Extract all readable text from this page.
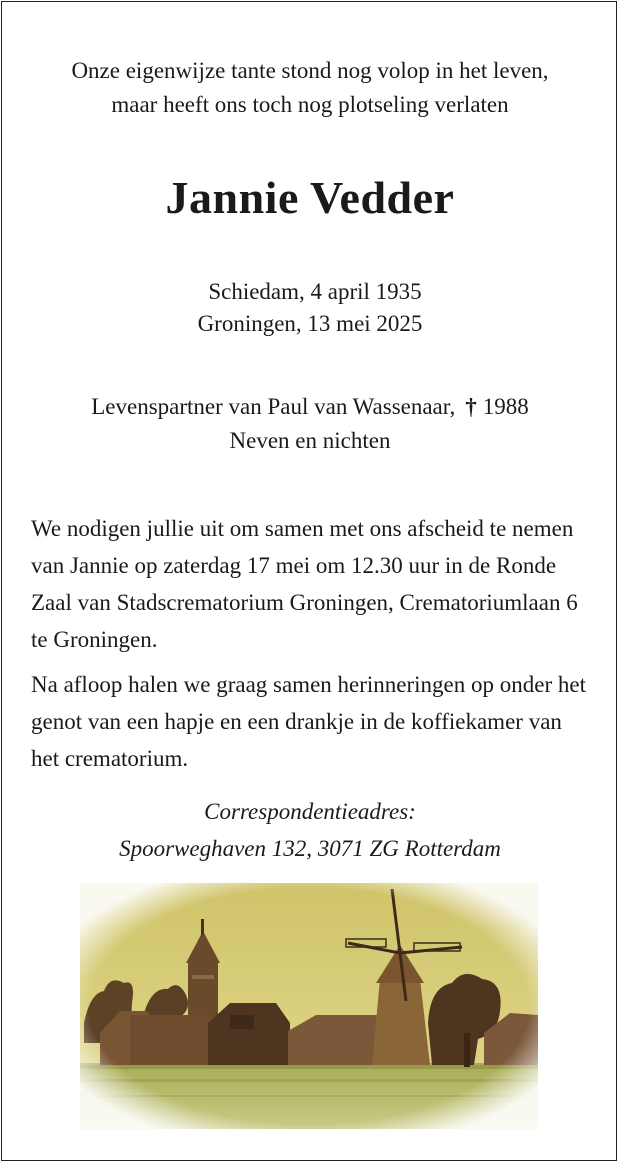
Onze eigenwijze tante stond nog volop in het leven,
maar heeft ons toch nog plotseling verlaten
Jannie Vedder
Schiedam, 4 april 1935
Groningen, 13 mei 2025
Levenspartner van Paul van Wassenaar, † 1988
Neven en nichten

We nodigen jullie uit om samen met ons afscheid te nemen van Jannie op zaterdag 17 mei om 12.30 uur in de Ronde Zaal van Stadscrematorium Groningen, Crematoriumlaan 6 te Groningen.

Na afloop halen we graag samen herinneringen op onder het genot van een hapje en een drankje in de koffiekamer van het crematorium.

Correspondentieadres:
Spoorweghaven 132, 3071 ZG Rotterdam
